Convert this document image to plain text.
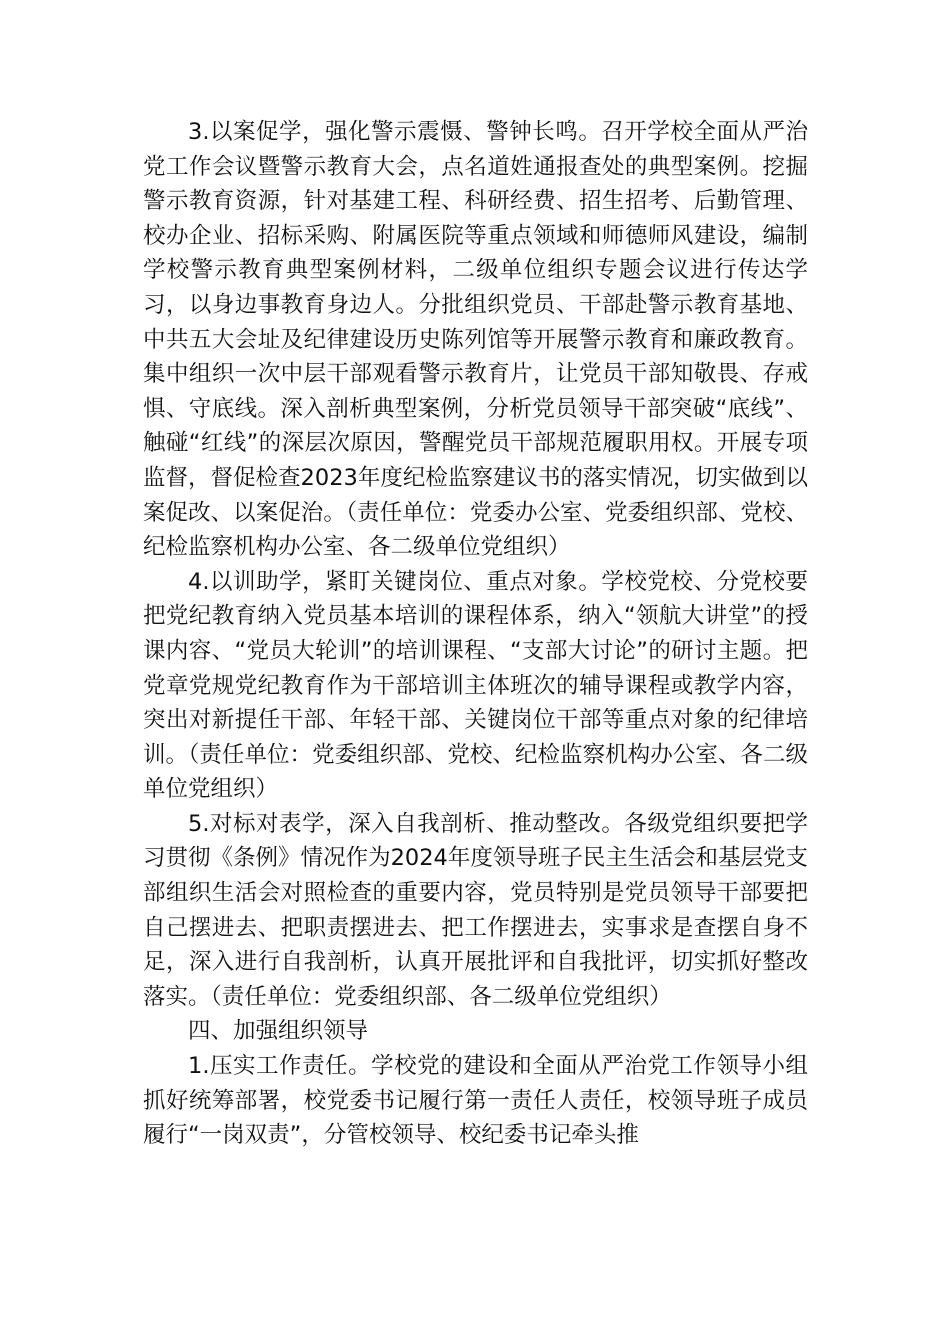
3.以案促学，强化警示震慑、警钟长鸣。召开学校全面从严治党工作会议暨警示教育大会，点名道姓通报查处的典型案例。挖掘警示教育资源，针对基建工程、科研经费、招生招考、后勤管理、校办企业、招标采购、附属医院等重点领域和师德师风建设，编制学校警示教育典型案例材料，二级单位组织专题会议进行传达学习，以身边事教育身边人。分批组织党员、干部赴警示教育基地、中共五大会址及纪律建设历史陈列馆等开展警示教育和廉政教育。集中组织一次中层干部观看警示教育片，让党员干部知敬畏、存戒惧、守底线。深入剖析典型案例，分析党员领导干部突破“底线”、触碰“红线”的深层次原因，警醒党员干部规范履职用权。开展专项监督，督促检查2023年度纪检监察建议书的落实情况，切实做到以案促改、以案促治。（责任单位：党委办公室、党委组织部、党校、纪检监察机构办公室、各二级单位党组织）

4.以训助学，紧盯关键岗位、重点对象。学校党校、分党校要把党纪教育纳入党员基本培训的课程体系，纳入“领航大讲堂”的授课内容、“党员大轮训”的培训课程、“支部大讨论”的研讨主题。把党章党规党纪教育作为干部培训主体班次的辅导课程或教学内容，突出对新提任干部、年轻干部、关键岗位干部等重点对象的纪律培训。（责任单位：党委组织部、党校、纪检监察机构办公室、各二级单位党组织）

5.对标对表学，深入自我剖析、推动整改。各级党组织要把学习贯彻《条例》情况作为2024年度领导班子民主生活会和基层党支部组织生活会对照检查的重要内容，党员特别是党员领导干部要把自己摆进去、把职责摆进去、把工作摆进去，实事求是查摆自身不足，深入进行自我剖析，认真开展批评和自我批评，切实抓好整改落实。（责任单位：党委组织部、各二级单位党组织）

四、加强组织领导

1.压实工作责任。学校党的建设和全面从严治党工作领导小组抓好统筹部署，校党委书记履行第一责任人责任，校领导班子成员履行“一岗双责”，分管校领导、校纪委书记牵头推
